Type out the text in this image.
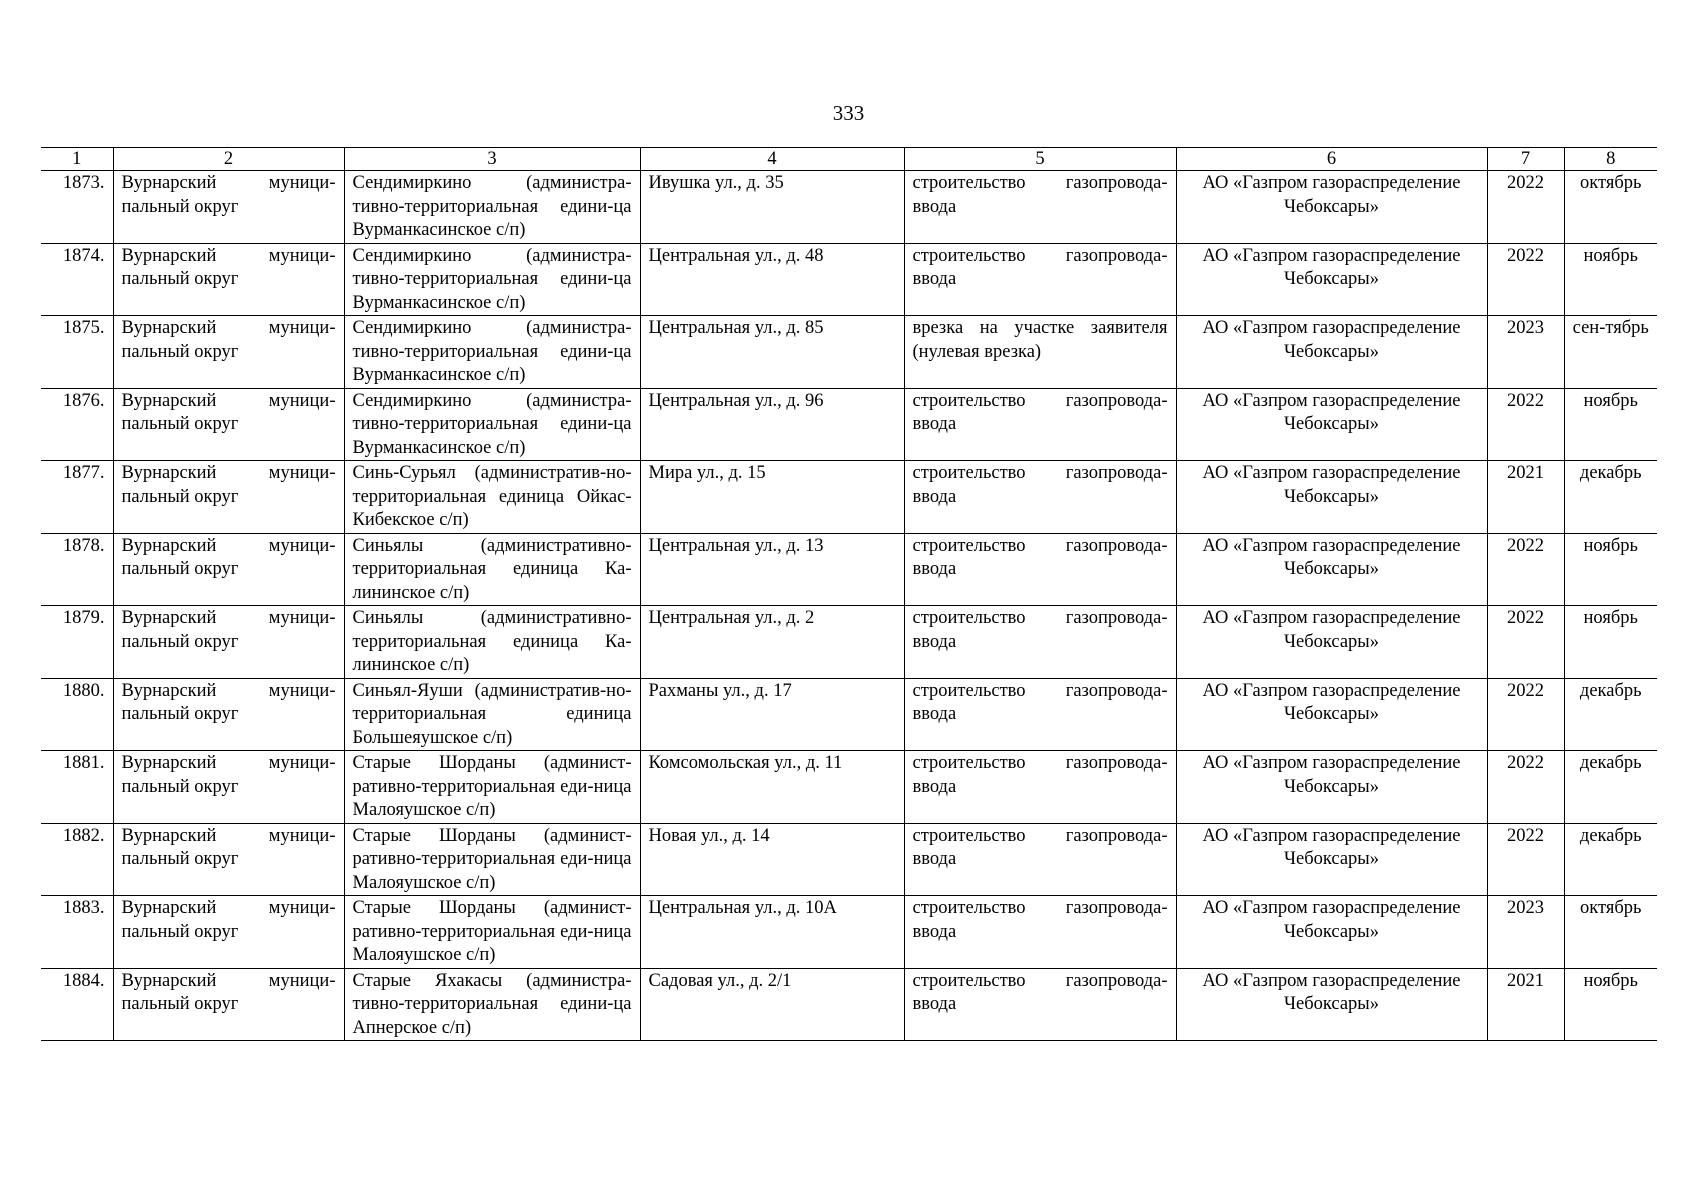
333
1	2	3	4	5	6	7	8
1873.	Вурнарский муници-пальный округ	Сендимиркино (администра-тивно-территориальная едини-ца Вурманкасинское с/п)	Ивушка ул., д. 35	строительство газопровода-ввода	АО «Газпром газораспределение Чебоксары»	2022	октябрь
1874.	Вурнарский муници-пальный округ	Сендимиркино (администра-тивно-территориальная едини-ца Вурманкасинское с/п)	Центральная ул., д. 48	строительство газопровода-ввода	АО «Газпром газораспределение Чебоксары»	2022	ноябрь
1875.	Вурнарский муници-пальный округ	Сендимиркино (администра-тивно-территориальная едини-ца Вурманкасинское с/п)	Центральная ул., д. 85	врезка на участке заявителя (нулевая врезка)	АО «Газпром газораспределение Чебоксары»	2023	сен-тябрь
1876.	Вурнарский муници-пальный округ	Сендимиркино (администра-тивно-территориальная едини-ца Вурманкасинское с/п)	Центральная ул., д. 96	строительство газопровода-ввода	АО «Газпром газораспределение Чебоксары»	2022	ноябрь
1877.	Вурнарский муници-пальный округ	Синь-Сурьял (административ-но-территориальная единица Ойкас-Кибекское с/п)	Мира ул., д. 15	строительство газопровода-ввода	АО «Газпром газораспределение Чебоксары»	2021	декабрь
1878.	Вурнарский муници-пальный округ	Синьялы (административно-территориальная единица Ка-лининское с/п)	Центральная ул., д. 13	строительство газопровода-ввода	АО «Газпром газораспределение Чебоксары»	2022	ноябрь
1879.	Вурнарский муници-пальный округ	Синьялы (административно-территориальная единица Ка-лининское с/п)	Центральная ул., д. 2	строительство газопровода-ввода	АО «Газпром газораспределение Чебоксары»	2022	ноябрь
1880.	Вурнарский муници-пальный округ	Синьял-Яуши (административ-но-территориальная единица Большеяушское с/п)	Рахманы ул., д. 17	строительство газопровода-ввода	АО «Газпром газораспределение Чебоксары»	2022	декабрь
1881.	Вурнарский муници-пальный округ	Старые Шорданы (админист-ративно-территориальная еди-ница Малояушское с/п)	Комсомольская ул., д. 11	строительство газопровода-ввода	АО «Газпром газораспределение Чебоксары»	2022	декабрь
1882.	Вурнарский муници-пальный округ	Старые Шорданы (админист-ративно-территориальная еди-ница Малояушское с/п)	Новая ул., д. 14	строительство газопровода-ввода	АО «Газпром газораспределение Чебоксары»	2022	декабрь
1883.	Вурнарский муници-пальный округ	Старые Шорданы (админист-ративно-территориальная еди-ница Малояушское с/п)	Центральная ул., д. 10А	строительство газопровода-ввода	АО «Газпром газораспределение Чебоксары»	2023	октябрь
1884.	Вурнарский муници-пальный округ	Старые Яхакасы (администра-тивно-территориальная едини-ца Апнерское с/п)	Садовая ул., д. 2/1	строительство газопровода-ввода	АО «Газпром газораспределение Чебоксары»	2021	ноябрь
